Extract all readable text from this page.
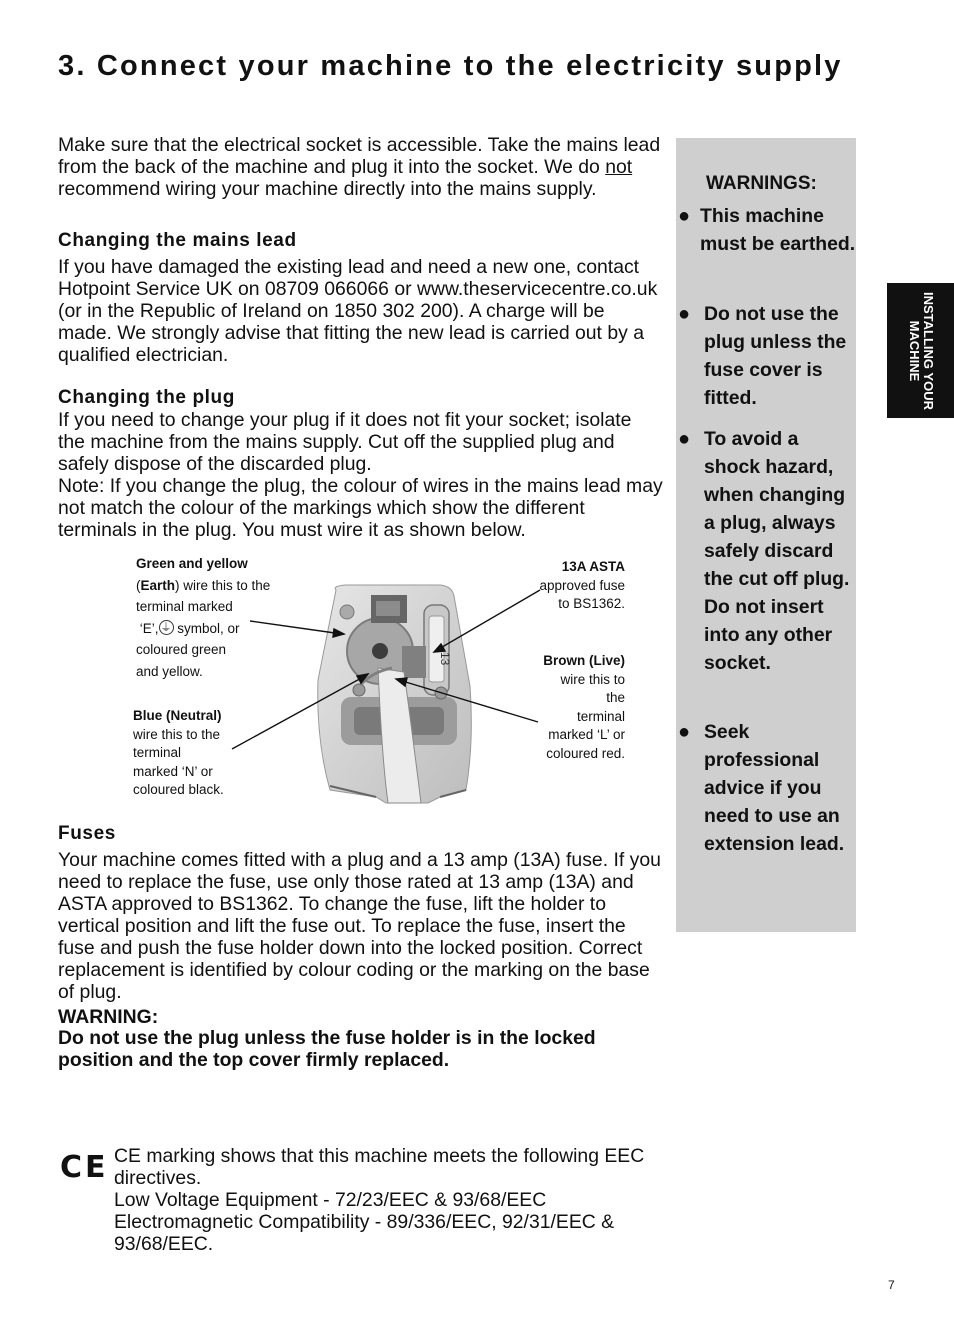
3. Connect your machine to the electricity supply

Make sure that the electrical socket is accessible. Take the mains lead from the back of the machine and plug it into the socket. We do not recommend wiring your machine directly into the mains supply.

Changing the mains lead

If you have damaged the existing lead and need a new one, contact Hotpoint Service UK on 08709 066066 or www.theservicecentre.co.uk (or in the Republic of Ireland on 1850 302 200). A charge will be made. We strongly advise that fitting the new lead is carried out by a qualified electrician.

Changing the plug

If you need to change your plug if it does not fit your socket; isolate the machine from the mains supply. Cut off the supplied plug and safely dispose of the discarded plug.

Note: If you change the plug, the colour of wires in the mains lead may not match the colour of the markings which show the different terminals in the plug. You must wire it as shown below.

13
Green and yellow
(Earth) wire this to the
terminal marked
‘E’,⏚ symbol, or
coloured green
and yellow.
Blue (Neutral)
wire this to the
terminal
marked ‘N’ or
coloured black.
13A ASTA
approved fuse
to BS1362.
Brown (Live)
wire this to
the
terminal
marked ‘L’ or
coloured red.
Fuses

Your machine comes fitted with a plug and a 13 amp (13A) fuse. If you need to replace the fuse, use only those rated at 13 amp (13A) and ASTA approved to BS1362. To change the fuse, lift the holder to vertical position and lift the fuse out. To replace the fuse, insert the fuse and push the fuse holder down into the locked position. Correct replacement is identified by colour coding or the marking on the base of plug.

WARNING:

Do not use the plug unless the fuse holder is in the locked position and the top cover firmly replaced.

CE CE marking shows that this machine meets the following EEC directives.
Low Voltage Equipment - 72/23/EEC & 93/68/EEC
Electromagnetic Compatibility - 89/336/EEC, 92/31/EEC & 93/68/EEC.
WARNINGS:
● This machine must be earthed.
● Do not use the plug unless the fuse cover is fitted.
● To avoid a shock hazard, when changing a plug, always safely discard the cut off plug. Do not insert into any other socket.
● Seek professional advice if you need to use an extension lead.
INSTALLING YOUR MACHINE
7
